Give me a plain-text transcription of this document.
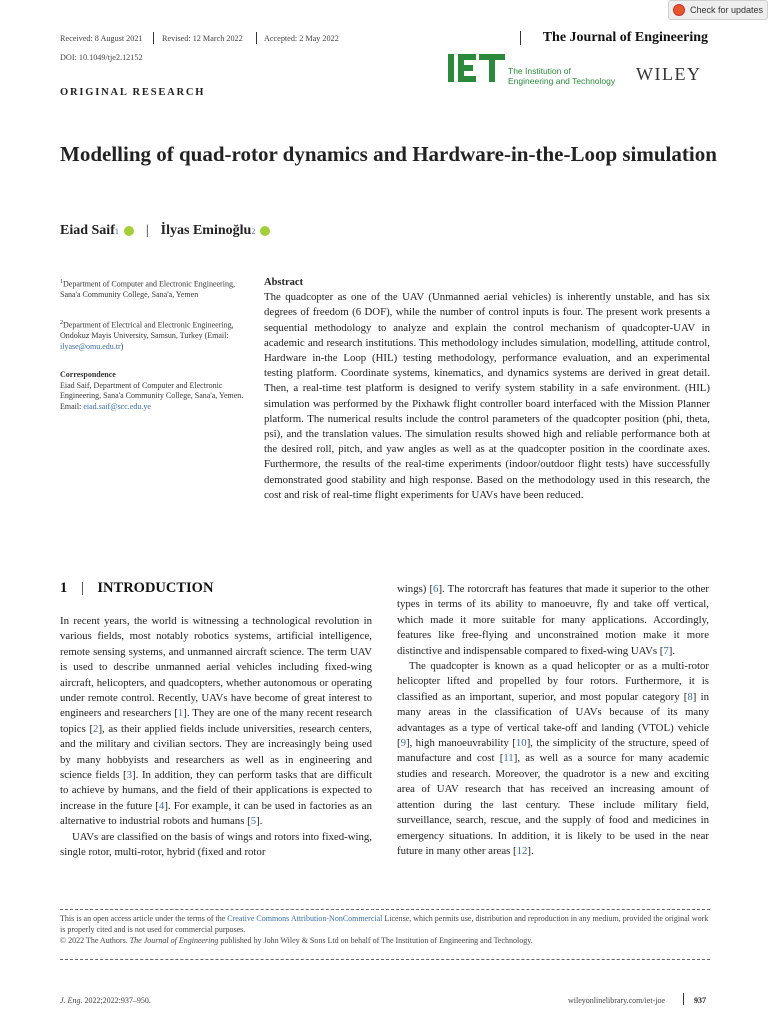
Check for updates
Received: 8 August 2021 Revised: 12 March 2022	Accepted: 2 May 2022
DOI: 10.1049/tje2.12152
The Journal of Engineering
The Institution of
Engineering and Technology WILEY
ORIGINAL RESEARCH
Modelling of quad-rotor dynamics and Hardware-in-the-Loop simulation
Eiad Saif 1 | İlyas Eminoğlu 2
$^1$Department of Computer and Electronic Engineering, Sana'a Community College, Sana'a, Yemen
$^2$Department of Electrical and Electronic Engineering, Ondokuz Mayis University, Samsun, Turkey (Email: ilyase@omu.edu.tr)
Correspondence
Eiad Saif, Department of Computer and Electronic Engineering, Sana'a Community College, Sana'a, Yemen.
Email: eiad.saif@scc.edu.ye
Abstract
The quadcopter as one of the UAV (Unmanned aerial vehicles) is inherently unstable, and has six degrees of freedom (6 DOF), while the number of control inputs is four. The present work presents a sequential methodology to analyze and explain the control mechanism of quadcopter-UAV in academic and research institutions. This methodology includes simulation, modelling, attitude control, Hardware in-the Loop (HIL) testing methodology, performance evaluation, and an experimental testing platform. Coordinate systems, kinematics, and dynamics systems are derived in great detail. Then, a real-time test platform is designed to verify system stability in a safe environment. (HIL) simulation was performed by the Pixhawk flight controller board interfaced with the Mission Planner platform. The numerical results include the control parameters of the quadcopter position (phi, theta, psi), and the translation values. The simulation results showed high and reliable performance both at the desired roll, pitch, and yaw angles as well as at the quadcopter position in the coordinate axes. Furthermore, the results of the real-time experiments (indoor/outdoor flight tests) have successfully demonstrated good stability and high response. Based on the methodology used in this research, the cost and risk of real-time flight experiments for UAVs have been reduced.
1 | INTRODUCTION

In recent years, the world is witnessing a technological revolution in various fields, most notably robotics systems, artificial intelligence, remote sensing systems, and unmanned aircraft science. The term UAV is used to describe unmanned aerial vehicles including fixed-wing aircraft, helicopters, and quadcopters, whether autonomous or operating under remote control. Recently, UAVs have become of great interest to engineers and researchers [1]. They are one of the many recent research topics [2], as their applied fields include universities, research centers, and the military and civilian sectors. They are increasingly being used by many hobbyists and researchers as well as in engineering and science fields [3]. In addition, they can perform tasks that are difficult to achieve by humans, and the field of their applications is expected to increase in the future [4]. For example, it can be used in factories as an alternative to industrial robots and humans [5].

UAVs are classified on the basis of wings and rotors into fixed-wing, single rotor, multi-rotor, hybrid (fixed and rotor

wings) [6]. The rotorcraft has features that made it superior to the other types in terms of its ability to manoeuvre, fly and take off vertical, which made it more suitable for many applications. Accordingly, features like free-flying and unconstrained motion make it more distinctive and indispensable compared to fixed-wing UAVs [7].

The quadcopter is known as a quad helicopter or as a multi-rotor helicopter lifted and propelled by four rotors. Furthermore, it is classified as an important, superior, and most popular category [8] in many areas in the classification of UAVs because of its many advantages as a type of vertical take-off and landing (VTOL) vehicle [9], high manoeuvrability [10], the simplicity of the structure, speed of manufacture and cost [11], as well as a source for many academic studies and research. Moreover, the quadrotor is a new and exciting area of UAV research that has received an increasing amount of attention during the last century. These include military field, surveillance, search, rescue, and the supply of food and medicines in emergency situations. In addition, it is likely to be used in the near future in many other areas [12].

This is an open access article under the terms of the Creative Commons Attribution-NonCommercial License, which permits use, distribution and reproduction in any medium, provided the original work is properly cited and is not used for commercial purposes.
© 2022 The Authors. The Journal of Engineering published by John Wiley & Sons Ltd on behalf of The Institution of Engineering and Technology.
J. Eng. 2022;2022:937–950.	wileyonlinelibrary.com/iet-joe	937
